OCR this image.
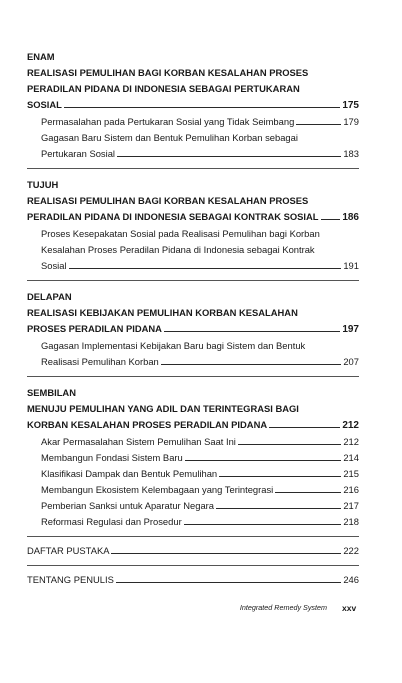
ENAM
REALISASI PEMULIHAN BAGI KORBAN KESALAHAN PROSES
PERADILAN PIDANA DI INDONESIA SEBAGAI PERTUKARAN
SOSIAL	175
Permasalahan pada Pertukaran Sosial yang Tidak Seimbang	179
Gagasan Baru Sistem dan Bentuk Pemulihan Korban sebagai
Pertukaran Sosial	183
TUJUH
REALISASI PEMULIHAN BAGI KORBAN KESALAHAN PROSES
PERADILAN PIDANA DI INDONESIA SEBAGAI KONTRAK SOSIAL 186
Proses Kesepakatan Sosial pada Realisasi Pemulihan bagi Korban
Kesalahan Proses Peradilan Pidana di Indonesia sebagai Kontrak
Sosial	191
DELAPAN
REALISASI KEBIJAKAN PEMULIHAN KORBAN KESALAHAN
PROSES PERADILAN PIDANA	197
Gagasan Implementasi Kebijakan Baru bagi Sistem dan Bentuk
Realisasi Pemulihan Korban	207
SEMBILAN
MENUJU PEMULIHAN YANG ADIL DAN TERINTEGRASI BAGI
KORBAN KESALAHAN PROSES PERADILAN PIDANA	212
Akar Permasalahan Sistem Pemulihan Saat Ini	212
Membangun Fondasi Sistem Baru	214
Klasifikasi Dampak dan Bentuk Pemulihan	215
Membangun Ekosistem Kelembagaan yang Terintegrasi	216
Pemberian Sanksi untuk Aparatur Negara	217
Reformasi Regulasi dan Prosedur	218
DAFTAR PUSTAKA	222
TENTANG PENULIS	246
Integrated Remedy System xxv
